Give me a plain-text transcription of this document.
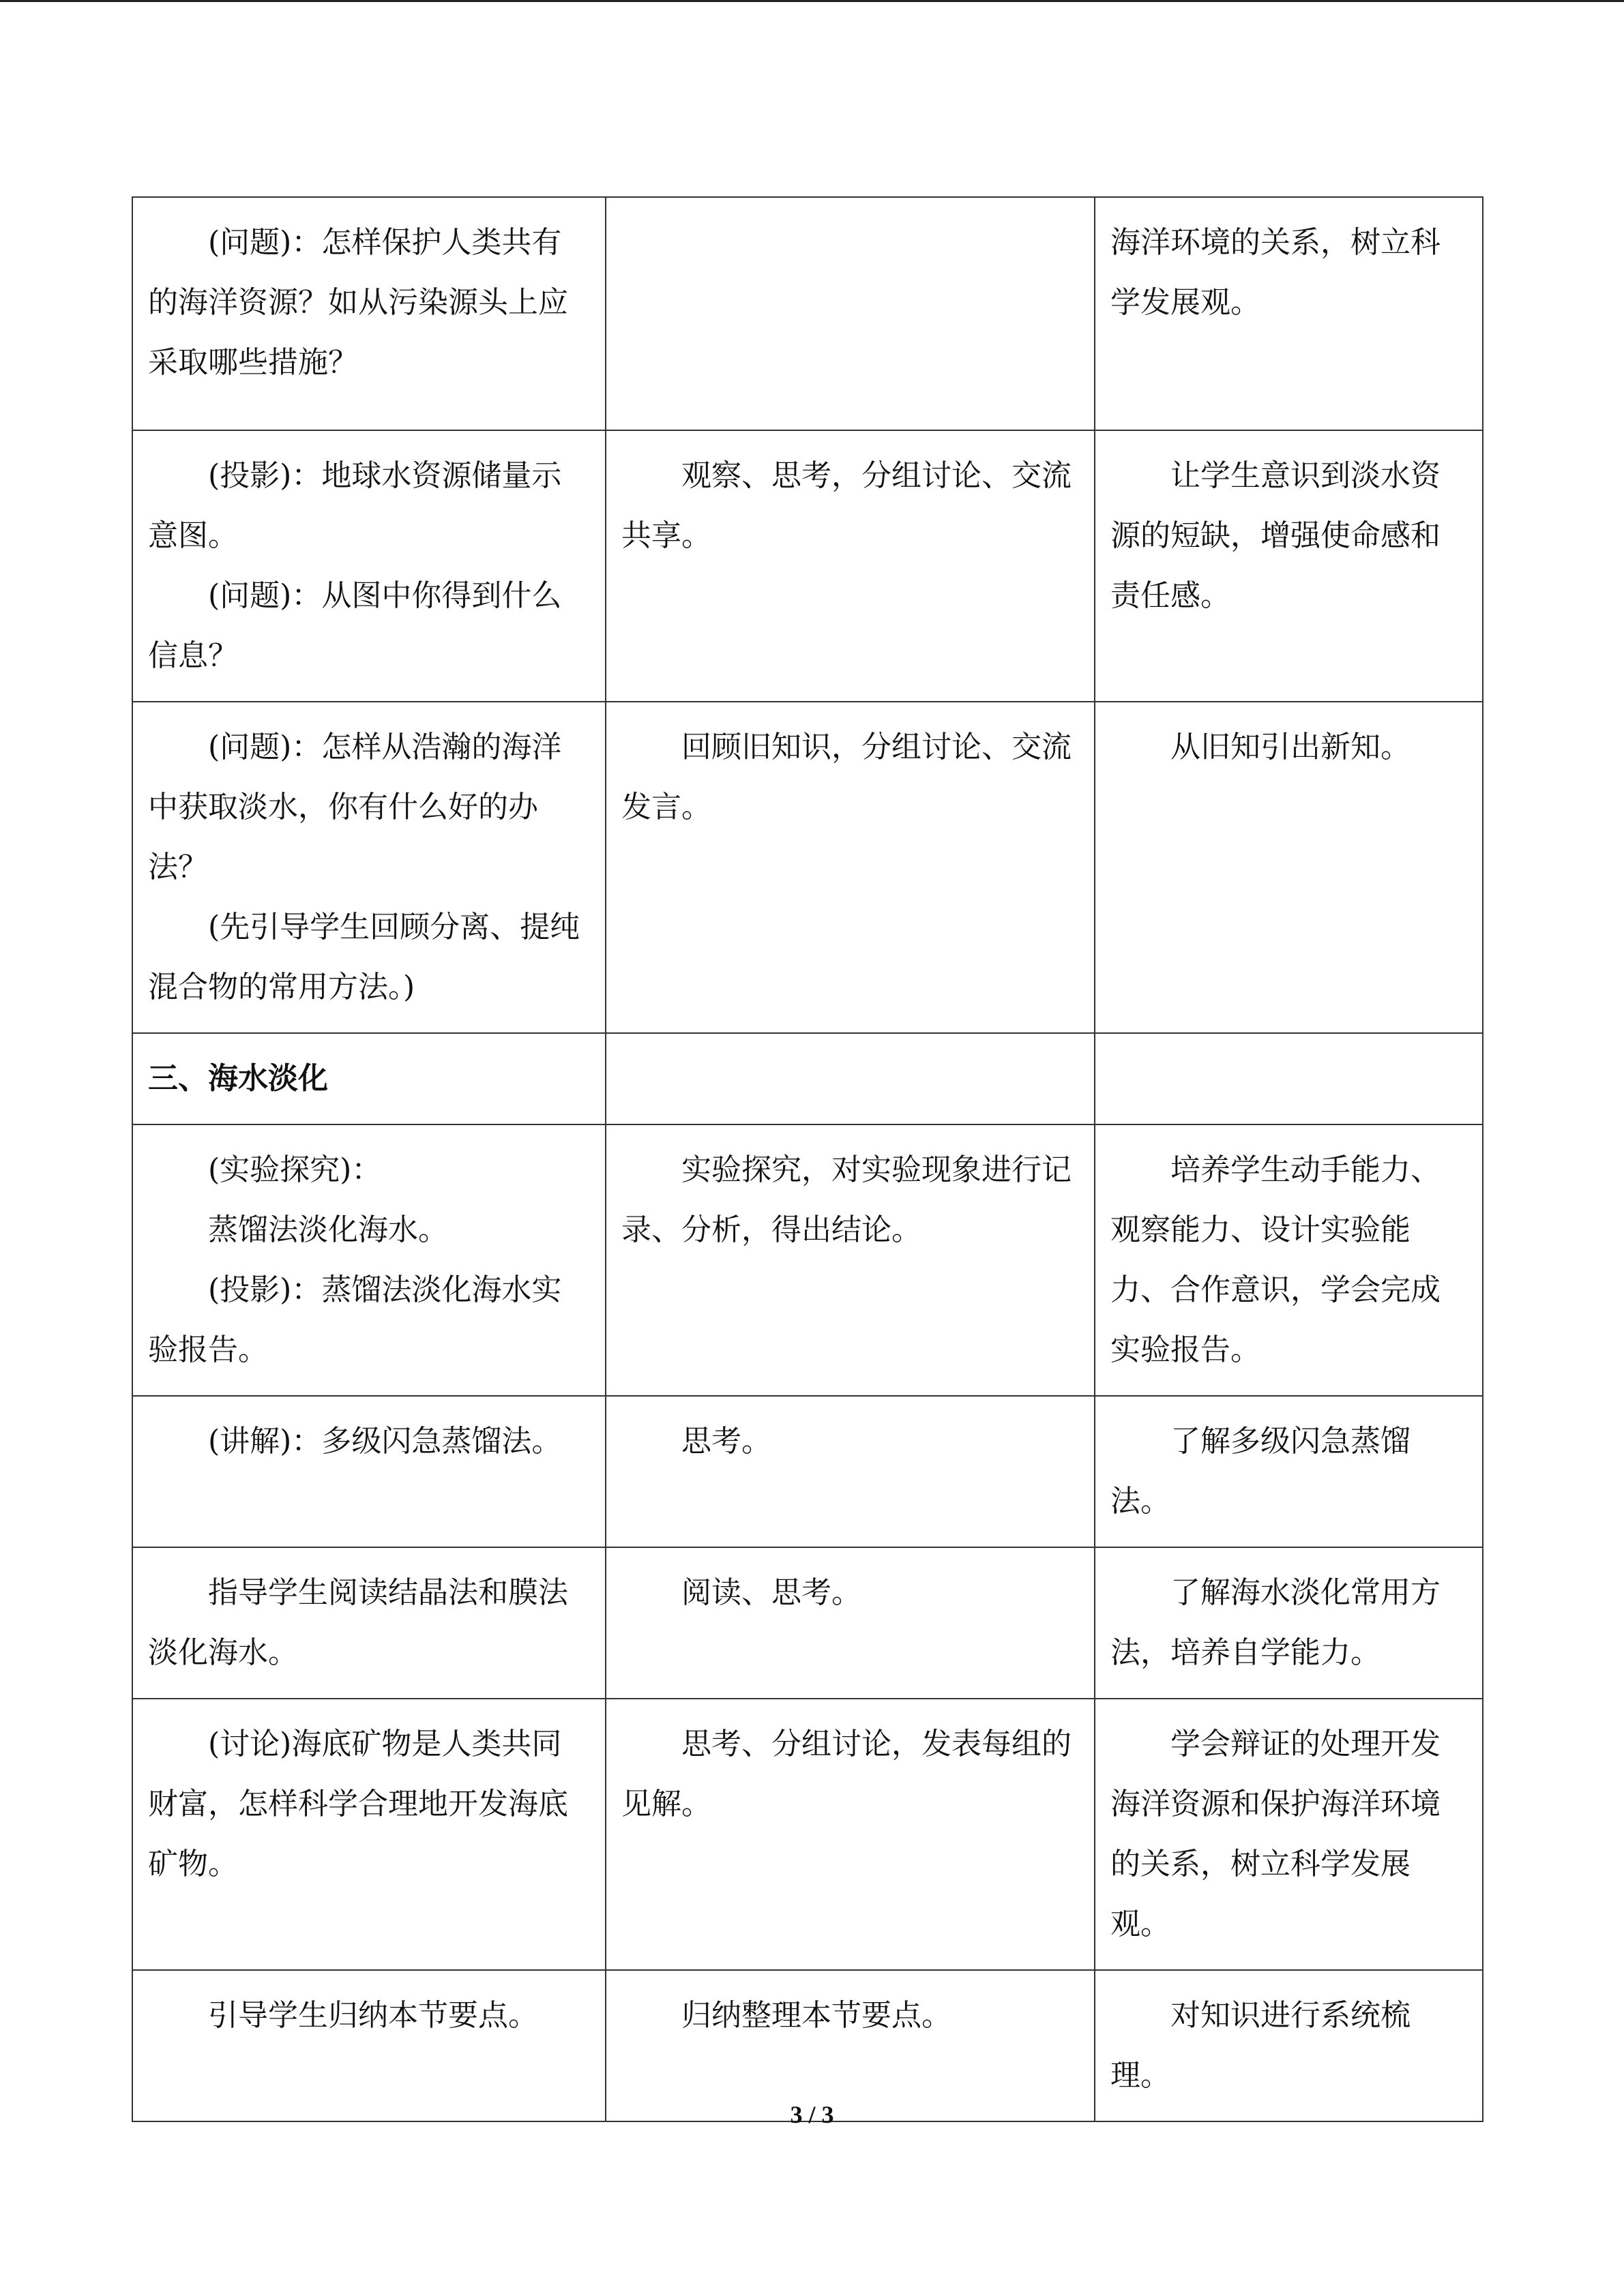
(问题)：怎样保护人类共有的海洋资源？如从污染源头上应采取哪些措施？		海洋环境的关系，树立科学发展观。

(投影)：地球水资源储量示意图。

(问题)：从图中你得到什么信息？	观察、思考，分组讨论、交流共享。	让学生意识到淡水资源的短缺，增强使命感和责任感。

(问题)：怎样从浩瀚的海洋中获取淡水，你有什么好的办法？

(先引导学生回顾分离、提纯混合物的常用方法。)	回顾旧知识，分组讨论、交流发言。	从旧知引出新知。

三、海水淡化		

(实验探究)：

蒸馏法淡化海水。

(投影)：蒸馏法淡化海水实验报告。	实验探究，对实验现象进行记录、分析，得出结论。	培养学生动手能力、观察能力、设计实验能力、合作意识，学会完成实验报告。

(讲解)：多级闪急蒸馏法。	思考。	了解多级闪急蒸馏法。

指导学生阅读结晶法和膜法淡化海水。	阅读、思考。	了解海水淡化常用方法，培养自学能力。

(讨论)海底矿物是人类共同财富，怎样科学合理地开发海底矿物。	思考、分组讨论，发表每组的见解。	学会辩证的处理开发海洋资源和保护海洋环境的关系，树立科学发展观。

引导学生归纳本节要点。	归纳整理本节要点。	对知识进行系统梳理。

3 / 3
